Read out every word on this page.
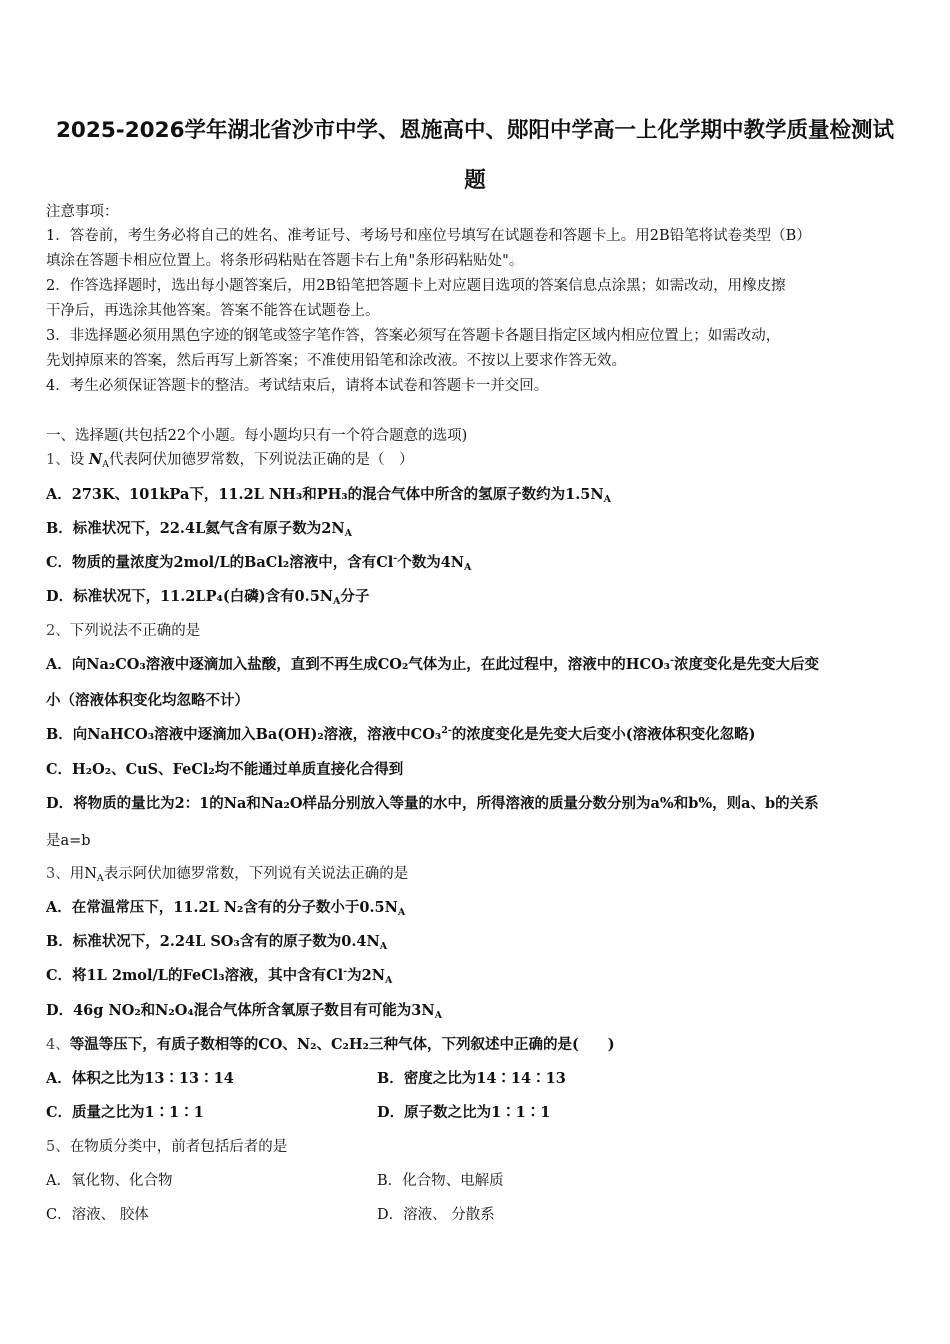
2025-2026学年湖北省沙市中学、恩施高中、郧阳中学高一上化学期中教学质量检测试
题
注意事项：
1．答卷前，考生务必将自己的姓名、准考证号、考场号和座位号填写在试题卷和答题卡上。用2B铅笔将试卷类型（B）
填涂在答题卡相应位置上。将条形码粘贴在答题卡右上角"条形码粘贴处"。
2．作答选择题时，选出每小题答案后，用2B铅笔把答题卡上对应题目选项的答案信息点涂黑；如需改动，用橡皮擦
干净后，再选涂其他答案。答案不能答在试题卷上。
3．非选择题必须用黑色字迹的钢笔或签字笔作答，答案必须写在答题卡各题目指定区域内相应位置上；如需改动，
先划掉原来的答案，然后再写上新答案；不准使用铅笔和涂改液。不按以上要求作答无效。
4．考生必须保证答题卡的整洁。考试结束后，请将本试卷和答题卡一并交回。
一、选择题(共包括22个小题。每小题均只有一个符合题意的选项)
1、设 $N_A$代表阿伏加德罗常数，下列说法正确的是（　）
A．273K、101kPa下，11.2L NH₃和PH₃的混合气体中所含的氢原子数约为$1.5N_A$
B．标准状况下，22.4L氦气含有原子数为$2N_A$
C．物质的量浓度为2mol/L的BaCl₂溶液中，含有Cl-个数为$4N_A$
D．标准状况下，11.2LP₄(白磷)含有$0.5N_A$分子
2、下列说法不正确的是
A．向Na₂CO₃溶液中逐滴加入盐酸，直到不再生成CO₂气体为止，在此过程中，溶液中的HCO₃-浓度变化是先变大后变
小（溶液体积变化均忽略不计）
B．向NaHCO₃溶液中逐滴加入Ba(OH)₂溶液，溶液中CO₃$^{2-}$的浓度变化是先变大后变小(溶液体积变化忽略)
C．H₂O₂、CuS、FeCl₂均不能通过单质直接化合得到
D．将物质的量比为2：1的Na和Na₂O样品分别放入等量的水中，所得溶液的质量分数分别为a%和b%，则a、b的关系
是a=b
3、用$N_A$表示阿伏加德罗常数，下列说有关说法正确的是
A．在常温常压下，11.2L N₂含有的分子数小于$0.5N_A$
B．标准状况下，2.24L SO₃含有的原子数为$0.4N_A$
C．将1L 2mol/L的FeCl₃溶液，其中含有Cl-为$2N_A$
D．46g NO₂和N₂O₄混合气体所含氧原子数目有可能为$3N_A$
4、等温等压下，有质子数相等的CO、N₂、C₂H₂三种气体，下列叙述中正确的是(　　)
A．体积之比为13∶13∶14	B．密度之比为14∶14∶13
C．质量之比为1∶1∶1	D．原子数之比为1∶1∶1
5、在物质分类中，前者包括后者的是
A．氧化物、化合物	B．化合物、电解质
C．溶液、 胶体	D．溶液、 分散系
